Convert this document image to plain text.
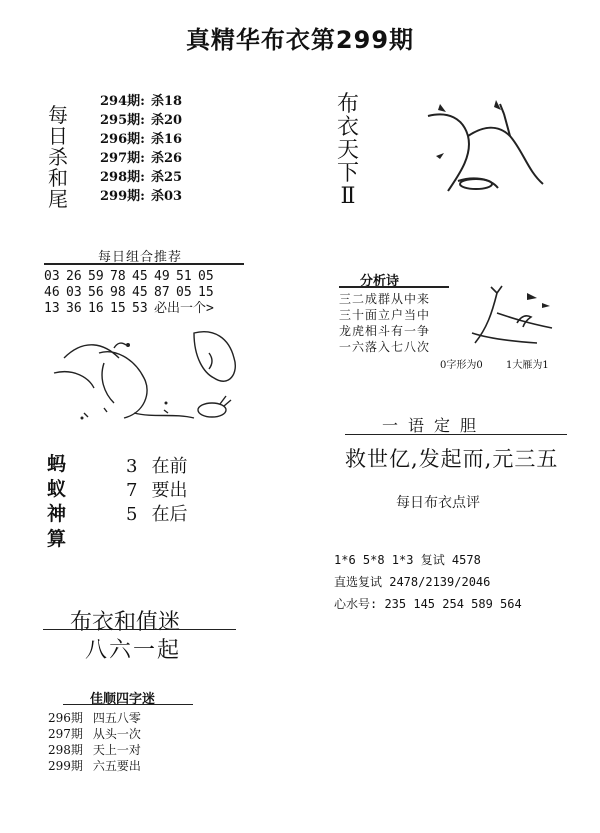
真精华布衣第299期
每
日
杀
和
尾
294期: 杀18
295期: 杀20
296期: 杀16
297期: 杀26
298期: 杀25
299期: 杀03
每日组合推荐
03 26 59 78 45 49 51 05
46 03 56 98 45 87 05 15
13 36 16 15 53 必出一个>
蚂
蚁
神
算
3 在前
7 要出
5 在后
布衣和值迷
八六一起
佳顺四字迷
296期 四五八零
297期 从头一次
298期 天上一对
299期 六五要出
布
衣
天
下
Ⅱ
分析诗
三二成群从中来
三十面立户当中
龙虎相斗有一争
一六落入七八次
0字形为0 1大雁为1
一语定胆
救世亿,发起而,元三五
每日布衣点评
1*6 5*8 1*3 复试 4578
直选复试 2478/2139/2046
心水号: 235 145 254 589 564
